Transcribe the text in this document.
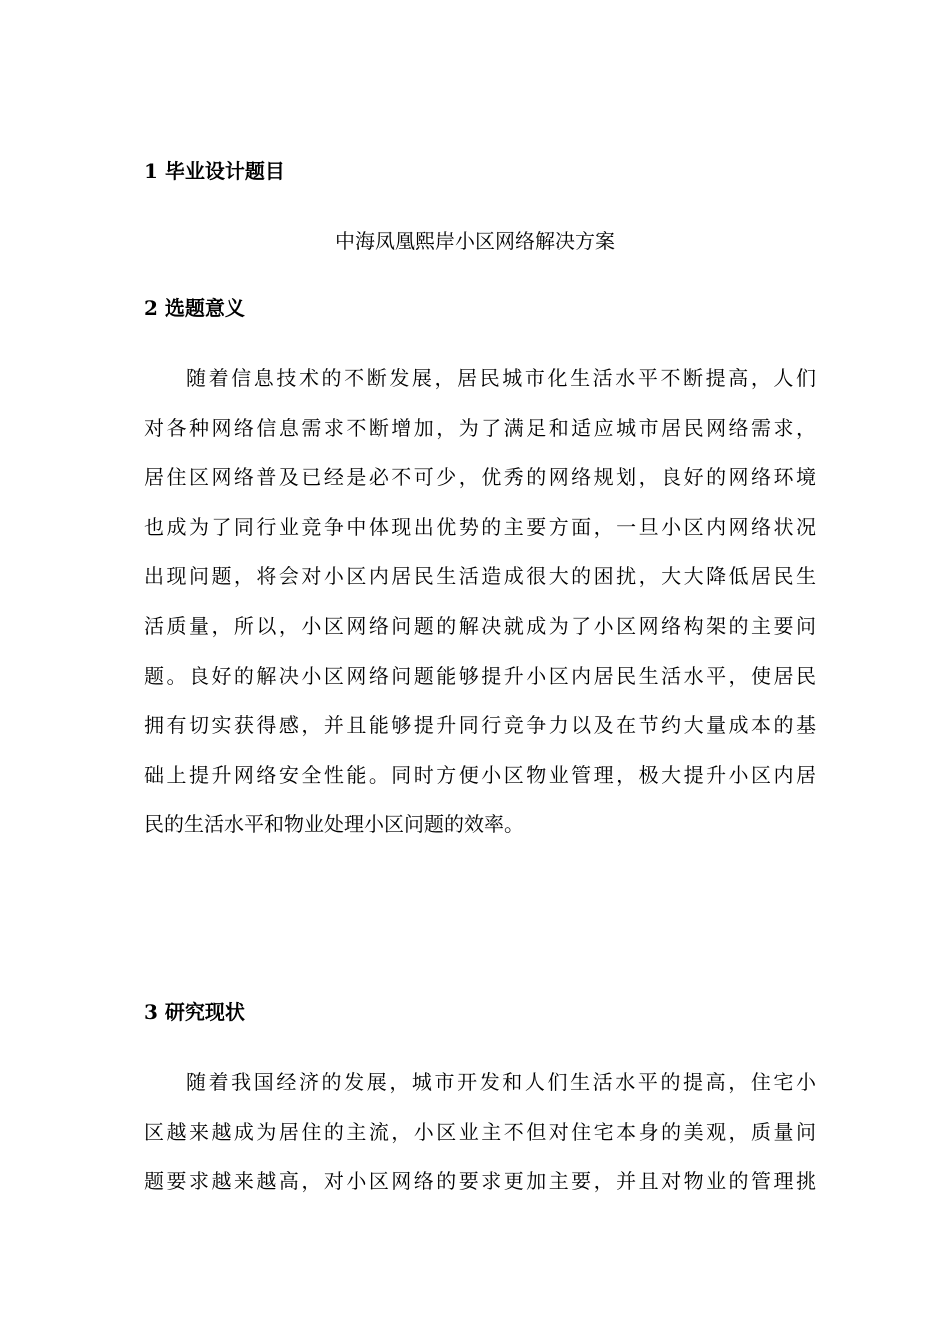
1 毕业设计题目
中海凤凰熙岸小区网络解决方案
2 选题意义
随着信息技术的不断发展，居民城市化生活水平不断提高，人们
对各种网络信息需求不断增加，为了满足和适应城市居民网络需求，
居住区网络普及已经是必不可少，优秀的网络规划，良好的网络环境
也成为了同行业竞争中体现出优势的主要方面，一旦小区内网络状况
出现问题，将会对小区内居民生活造成很大的困扰，大大降低居民生
活质量，所以，小区网络问题的解决就成为了小区网络构架的主要问
题。良好的解决小区网络问题能够提升小区内居民生活水平，使居民
拥有切实获得感，并且能够提升同行竞争力以及在节约大量成本的基
础上提升网络安全性能。同时方便小区物业管理，极大提升小区内居
民的生活水平和物业处理小区问题的效率。
3 研究现状
随着我国经济的发展，城市开发和人们生活水平的提高，住宅小
区越来越成为居住的主流，小区业主不但对住宅本身的美观，质量问
题要求越来越高，对小区网络的要求更加主要，并且对物业的管理挑
